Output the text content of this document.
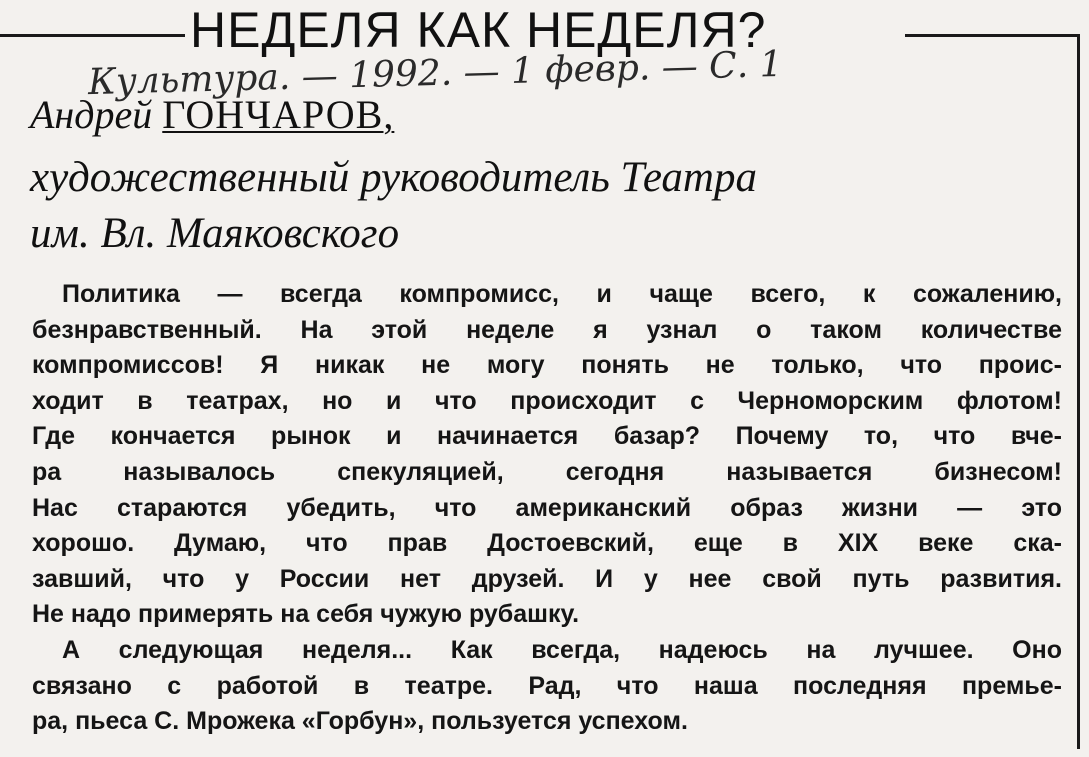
НЕДЕЛЯ КАК НЕДЕЛЯ?
Культура. — 1992. — 1 февр. — С. 1
Андрей ГОНЧАРОВ,
художественный руководитель Театра
им. Вл. Маяковского

Политика — всегда компромисс, и чаще всего, к сожалению,
безнравственный. На этой неделе я узнал о таком количестве
компромиссов! Я никак не могу понять не только, что проис-
ходит в театрах, но и что происходит с Черноморским флотом!
Где кончается рынок и начинается базар? Почему то, что вче-
ра называлось спекуляцией, сегодня называется бизнесом!
Нас стараются убедить, что американский образ жизни — это
хорошо. Думаю, что прав Достоевский, еще в XIX веке ска-
завший, что у России нет друзей. И у нее свой путь развития.
Не надо примерять на себя чужую рубашку.

А следующая неделя... Как всегда, надеюсь на лучшее. Оно
связано с работой в театре. Рад, что наша последняя премье-
ра, пьеса С. Мрожека «Горбун», пользуется успехом.
